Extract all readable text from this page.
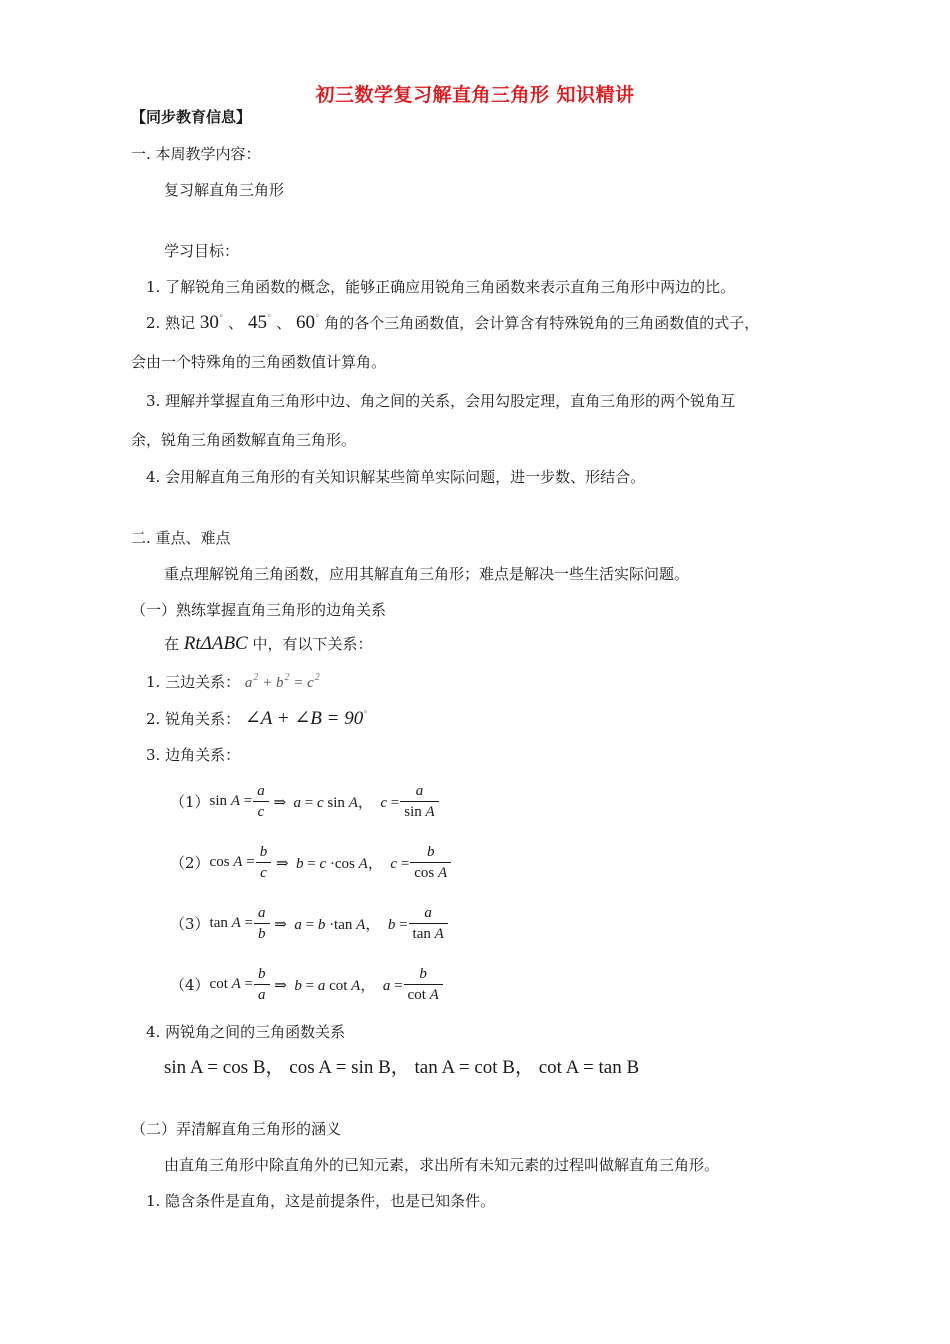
初三数学复习解直角三角形 知识精讲
【同步教育信息】
一. 本周教学内容：
复习解直角三角形
学习目标：
1. 了解锐角三角函数的概念，能够正确应用锐角三角函数来表示直角三角形中两边的比。
2. 熟记 30° 、 45° 、 60° 角的各个三角函数值，会计算含有特殊锐角的三角函数值的式子，
会由一个特殊角的三角函数值计算角。
3. 理解并掌握直角三角形中边、角之间的关系，会用勾股定理，直角三角形的两个锐角互
余，锐角三角函数解直角三角形。
4. 会用解直角三角形的有关知识解某些简单实际问题，进一步数、形结合。
二. 重点、难点
重点理解锐角三角函数，应用其解直角三角形；难点是解决一些生活实际问题。
（一）熟练掌握直角三角形的边角关系
在 RtΔABC 中，有以下关系：
1. 三边关系： $a^2 + b^2 = c^2$
2. 锐角关系： ∠A + ∠B = 90°
3. 边角关系：
（1） $\sin A = \frac{a}{c}$ ⇒  a = c sin A，  $c = \frac{a}{\text{sin A}}$
（2） $\cos A = \frac{b}{c}$ ⇒  b = c ·cos A，  $c = \frac{b}{\text{cos A}}$
（3） $\tan A = \frac{a}{b}$ ⇒  a = b ·tan A，  $b = \frac{a}{\text{tan A}}$
（4） $\cot A = \frac{b}{a}$ ⇒  b = a cot A，  $a = \frac{b}{\text{cot A}}$
4. 两锐角之间的三角函数关系
sin A = cos B， cos A = sin B， tan A = cot B， cot A = tan B
（二）弄清解直角三角形的涵义
由直角三角形中除直角外的已知元素，求出所有未知元素的过程叫做解直角三角形。
1. 隐含条件是直角，这是前提条件，也是已知条件。
